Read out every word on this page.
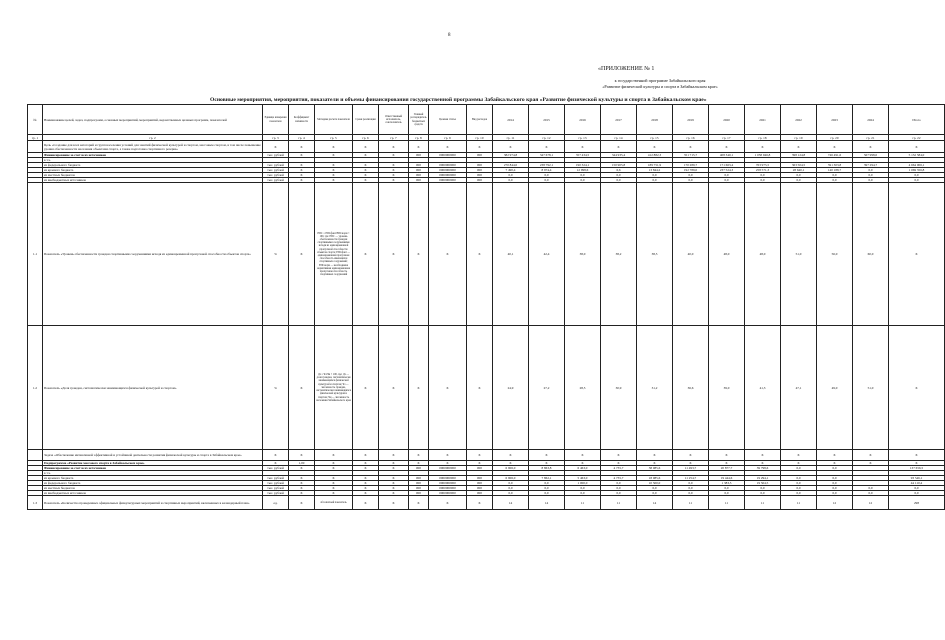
8
«ПРИЛОЖЕНИЕ № 1
к государственной программе Забайкальского края
«Развитие физической культуры и спорта в Забайкальском крае»
Основные мероприятия, мероприятия, показатели и объемы финансирования государственной программы Забайкальского края «Развитие физической культуры и спорта в Забайкальском крае»
№	Наименование целей, задач, подпрограмм, основных мероприятий, мероприятий, ведомственных целевых программ, показателей	Единица измерения показателя	Коэффициент значимости	Методика расчета показателя	Сроки реализации	Ответственный исполнитель, соисполнитель	Главный распорядитель бюджетных средств	Целевая статья	Вид расходов	2014	2015	2016	2017	2018	2019	2020	2021	2022	2023	2024	Итого
гр. 1	гр. 2	гр. 3	гр. 4	гр. 5	гр. 6	гр. 7	гр. 8	гр. 9	гр. 10	гр. 11	гр. 12	гр. 13	гр. 14	гр. 15	гр. 16	гр. 17	гр. 18	гр. 19	гр. 20	гр. 21	гр. 22
	Цель «Создание для всех категорий и групп населения условий для занятий физической культурой и спортом, массовым спортом, в том числе повышение уровня обеспеченности населения объектами спорта, а также подготовка спортивного резерва»	X	X	X	X	X	X	X	X	X	X	X	X	X	X	X	X	X	X	X	X
	Финансирование за счет всех источников	тыс. рублей	X	X	X	X	000	0000000000	000	382 974,8	347 678,1	357 434,5	344 935,4	412 882,3	351 715,7	408 340,1	1 058 946,8	398 124,8	746 491,6	567 998,0	5 132 584,0
	в т.ч.																				
	из федерального бюджета	тыс. рублей	X	X	X	X	000	0000000000	000	270 844,0	238 792,1	190 324,1	150 905,8	189 751,9	170 289,7	171 663,4	763 975,5	363 504,5	591 303,8	397 294,7	4 664 006,1
	из краевого бюджета	тыс. рублей	X	X	X	X	000	0000000000	000	7 490,4	8 974,4	12 998,6	6,6	13 844,2	192 789,0	237 524,3	258 571,3	28 640,1	140 188,7	0,0	1 069 356,8
	из местных бюджетов	тыс. рублей	X	X	X	X	000	0000000000	000	0,0	0,0	0,0	0,0	0,0	0,0	0,0	0,0	0,0	0,0	0,0	0,0
	из внебюджетных источников	тыс. рублей	X	X	X	X	000	0000000000	000	0,0	0,0	0,0	0,0	0,0	0,0	0,0	0,0	0,0	0,0	0,0	0,0
1.1	Показатель «Уровень обеспеченности граждан спортивными сооружениями исходя из единовременной пропускной способности объектов спорта»	%	X	ЕПС = ЕПСфакт/ЕПСнорм × 100, где: ЕПС — уровень обеспеченности граждан спортивными сооружениями исходя из единовременной пропускной способности объектов спорта; ЕПСфакт — единовременная пропускная способность имеющихся спортивных сооружений; ЕПСнорм — необходимая нормативная единовременная пропускная способность спортивных сооружений	X	X	X	X	X	40,1	42,4	38,0	38,2	38,5	40,0	48,0	48,0	51,0	56,0	60,0	X
1.2	Показатель «Доля граждан, систематически занимающихся физической культурой и спортом»	%	X	Дз = Чз/Чн × 100, где: Дз — доля граждан, систематически занимающихся физической культурой и спортом; Чз — численность граждан, систематически занимающихся физической культурой и спортом; Чн — численность населения Забайкальского края	X	X	X	X	X	24,9	27,2	28,5	30,9	31,2	36,6	39,0	41,3	47,1	49,0	51,0	X
	Задача «Обеспечение интенсивной эффективной и устойчивой деятельности развития физической культуры и спорта в Забайкальском крае»	X	X	X	X	X	X	X	X	X	X	X	X	X	X	X	X	X	X	X	X
	Подпрограмма «Развитие массового спорта в Забайкальском крае»	X	1,00	X	X	X	X	X	X	X	X	X	X	X	X	X	X	X	X	X	X
	Финансирование за счет всех источников	тыс. рублей	X	X	X	X	000	0000000000	000	6 906,0	8 863,8	6 463,0	4 735,7	38 085,6	11 493,7	20 877,7	39 798,6	0,0	0,0		137 656,5
	в т.ч.																				
	из краевого бюджета	тыс. рублей	X	X	X	X	000	0000000000	000	6 906,0	7 862,1	5 463,0	4 735,7	18 085,6	11 254,7	19 444,6	19 294,1	0,0	0,0		93 546,1
	из федерального бюджета	тыс. рублей	X	X	X	X	000	0000000000	000	0,0	0,0	1 000,0	0,0	10 500,0	0,0	1 383,5	19 504,5	0,0	0,0		44 110,4
	из местных бюджетов	тыс. рублей	X	X	X	X	000	0000000000	000	0,0	0,0	0,0	0,0	0,0	0,0	0,0	0,0	0,0	0,0	0,0	0,0
	из внебюджетных источников	тыс. рублей	X	X	X	X	000	0000000000	000	0,0	0,0	0,0	0,0	0,0	0,0	0,0	0,0	0,0	0,0	0,0	0,0
1.3	Показатель «Количество проведенных официальных физкультурных мероприятий и спортивных мероприятий, включенных в календарный план»	ед.	X	абсолютный показатель	X	X	X	X	X	14	14	11	11	14	11	11	11	11	12	12	298
